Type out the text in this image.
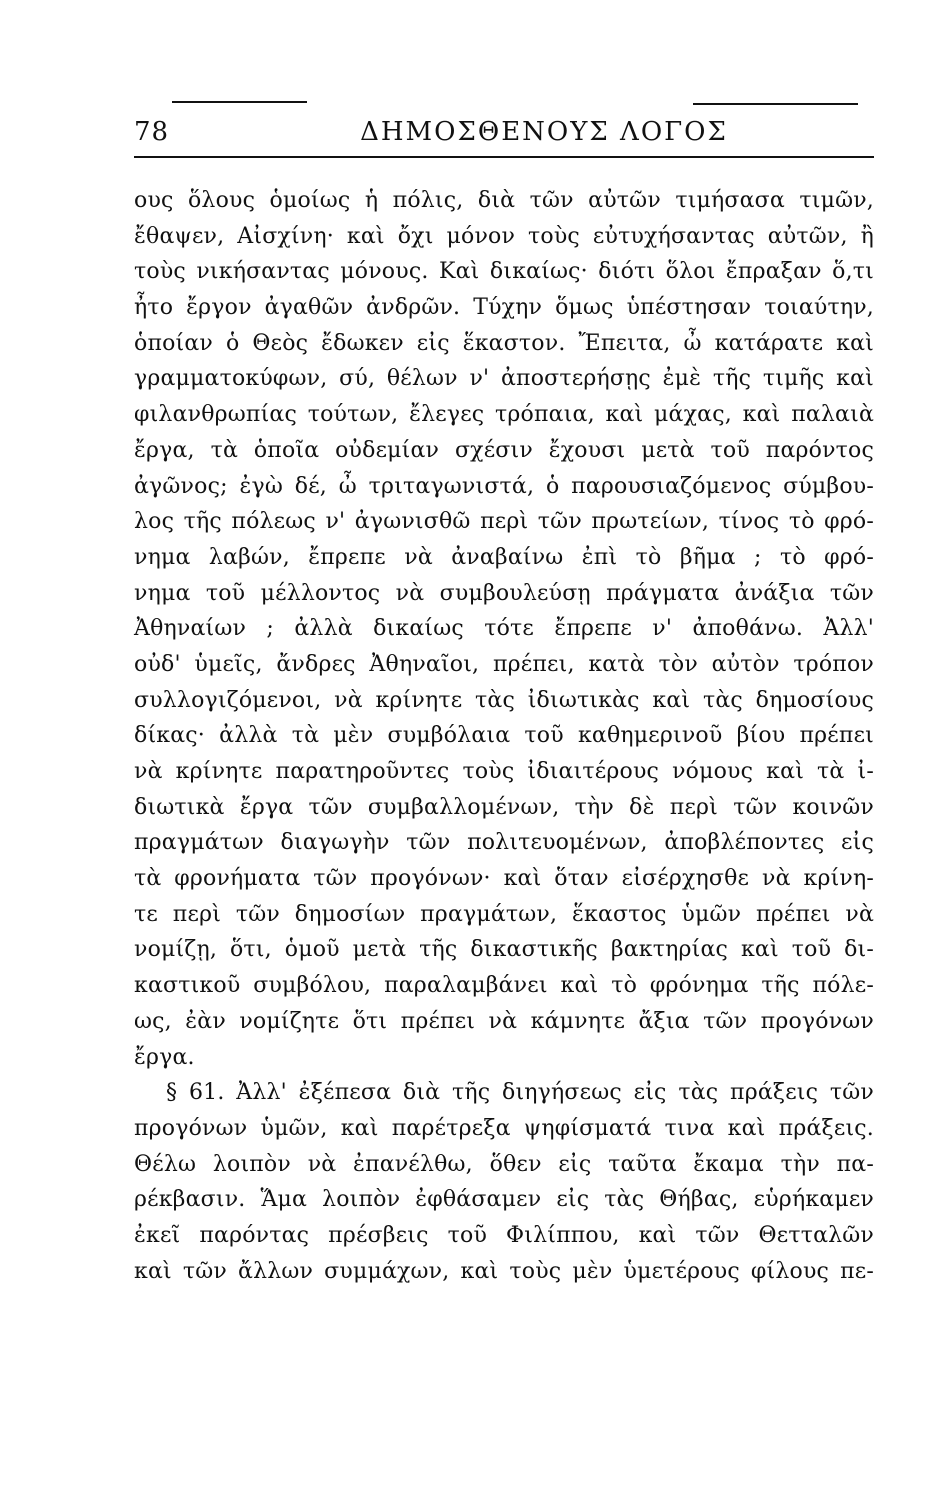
78	ΔΗΜΟΣΘΕΝΟΥΣ ΛΟΓΟΣ
ους ὅλους ὁμοίως ἡ πόλις, διὰ τῶν αὐτῶν τιμήσασα τιμῶν,
ἔθαψεν, Αἰσχίνη· καὶ ὄχι μόνον τοὺς εὐτυχήσαντας αὐτῶν, ἢ
τοὺς νικήσαντας μόνους. Καὶ δικαίως· διότι ὅλοι ἔπραξαν ὅ,τι
ἦτο ἔργον ἀγαθῶν ἀνδρῶν. Τύχην ὅμως ὑπέστησαν τοιαύτην,
ὁποίαν ὁ Θεὸς ἔδωκεν εἰς ἕκαστον. Ἔπειτα, ὦ κατάρατε καὶ
γραμματοκύφων, σύ, θέλων ν' ἀποστερήσῃς ἐμὲ τῆς τιμῆς καὶ
φιλανθρωπίας τούτων, ἔλεγες τρόπαια, καὶ μάχας, καὶ παλαιὰ
ἔργα, τὰ ὁποῖα οὐδεμίαν σχέσιν ἔχουσι μετὰ τοῦ παρόντος
ἀγῶνος; ἐγὼ δέ, ὦ τριταγωνιστά, ὁ παρουσιαζόμενος σύμβου-
λος τῆς πόλεως ν' ἀγωνισθῶ περὶ τῶν πρωτείων, τίνος τὸ φρό-
νημα λαβών, ἔπρεπε νὰ ἀναβαίνω ἐπὶ τὸ βῆμα ; τὸ φρό-
νημα τοῦ μέλλοντος νὰ συμβουλεύσῃ πράγματα ἀνάξια τῶν
Ἀθηναίων ; ἀλλὰ δικαίως τότε ἔπρεπε ν' ἀποθάνω. Ἀλλ'
οὐδ' ὑμεῖς, ἄνδρες Ἀθηναῖοι, πρέπει, κατὰ τὸν αὐτὸν τρόπον
συλλογιζόμενοι, νὰ κρίνητε τὰς ἰδιωτικὰς καὶ τὰς δημοσίους
δίκας· ἀλλὰ τὰ μὲν συμβόλαια τοῦ καθημερινοῦ βίου πρέπει
νὰ κρίνητε παρατηροῦντες τοὺς ἰδιαιτέρους νόμους καὶ τὰ ἰ-
διωτικὰ ἔργα τῶν συμβαλλομένων, τὴν δὲ περὶ τῶν κοινῶν
πραγμάτων διαγωγὴν τῶν πολιτευομένων, ἀποβλέποντες εἰς
τὰ φρονήματα τῶν προγόνων· καὶ ὅταν εἰσέρχησθε νὰ κρίνη-
τε περὶ τῶν δημοσίων πραγμάτων, ἕκαστος ὑμῶν πρέπει νὰ
νομίζῃ, ὅτι, ὁμοῦ μετὰ τῆς δικαστικῆς βακτηρίας καὶ τοῦ δι-
καστικοῦ συμβόλου, παραλαμβάνει καὶ τὸ φρόνημα τῆς πόλε-
ως, ἐὰν νομίζητε ὅτι πρέπει νὰ κάμνητε ἄξια τῶν προγόνων
ἔργα.
§ 61. Ἀλλ' ἐξέπεσα διὰ τῆς διηγήσεως εἰς τὰς πράξεις τῶν
προγόνων ὑμῶν, καὶ παρέτρεξα ψηφίσματά τινα καὶ πράξεις.
Θέλω λοιπὸν νὰ ἐπανέλθω, ὅθεν εἰς ταῦτα ἔκαμα τὴν πα-
ρέκβασιν. Ἅμα λοιπὸν ἐφθάσαμεν εἰς τὰς Θήβας, εὑρήκαμεν
ἐκεῖ παρόντας πρέσβεις τοῦ Φιλίππου, καὶ τῶν Θετταλῶν
καὶ τῶν ἄλλων συμμάχων, καὶ τοὺς μὲν ὑμετέρους φίλους πε-
